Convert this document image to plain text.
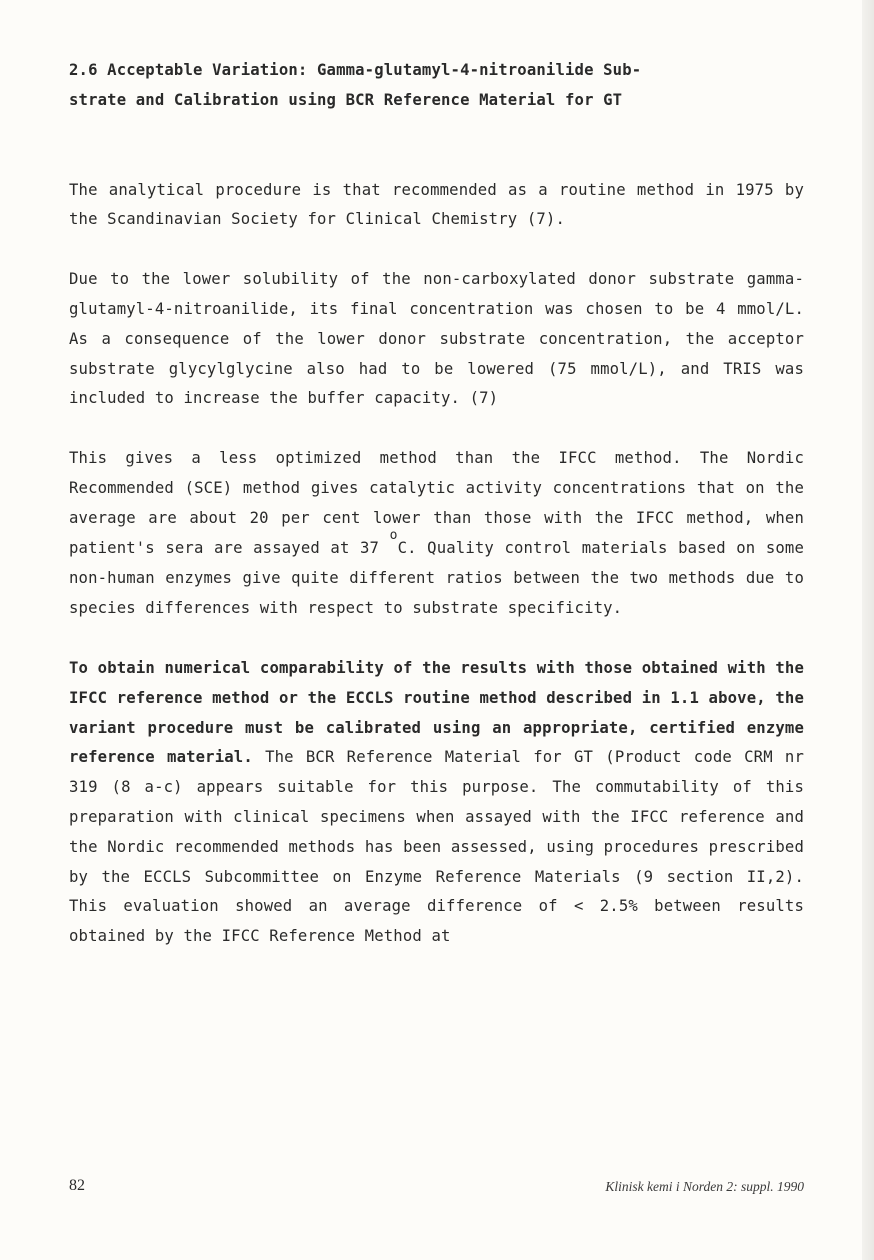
2.6 Acceptable Variation: Gamma-glutamyl-4-nitroanilide Sub-
strate and Calibration using BCR Reference Material for GT

The analytical procedure is that recommended as a routine method in 1975 by the Scandinavian Society for Clinical Chemistry (7).

Due to the lower solubility of the non-carboxylated donor substrate gamma-glutamyl-4-nitroanilide, its final concentration was chosen to be 4 mmol/L. As a consequence of the lower donor substrate concentration, the acceptor substrate glycylglycine also had to be lowered (75 mmol/L), and TRIS was included to increase the buffer capacity. (7)

This gives a less optimized method than the IFCC method. The Nordic Recommended (SCE) method gives catalytic activity concentrations that on the average are about 20 per cent lower than those with the IFCC method, when patient's sera are assayed at 37 $^o$C. Quality control materials based on some non-human enzymes give quite different ratios between the two methods due to species differences with respect to substrate specificity.

To obtain numerical comparability of the results with those obtained with the IFCC reference method or the ECCLS routine method described in 1.1 above, the variant procedure must be calibrated using an appropriate, certified enzyme reference material. The BCR Reference Material for GT (Product code CRM nr 319 (8 a-c) appears suitable for this purpose. The commutability of this preparation with clinical specimens when assayed with the IFCC reference and the Nordic recommended methods has been assessed, using procedures prescribed by the ECCLS Subcommittee on Enzyme Reference Materials (9 section II,2). This evaluation showed an average difference of < 2.5% between results obtained by the IFCC Reference Method at

82	Klinisk kemi i Norden 2: suppl. 1990
